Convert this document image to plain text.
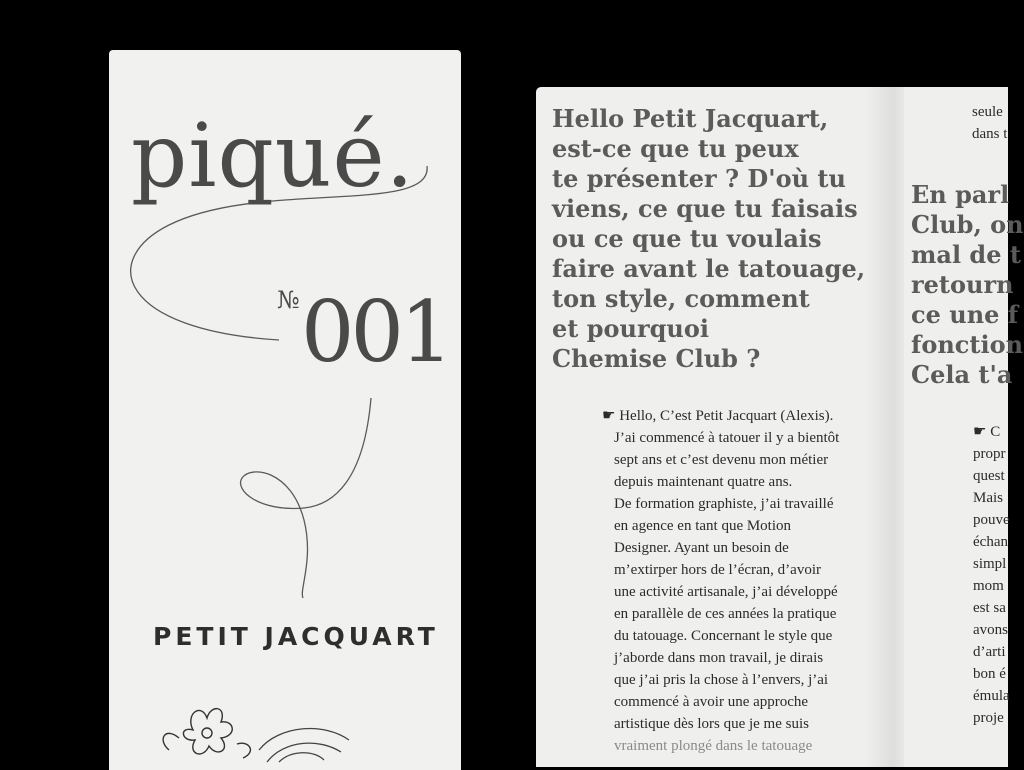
piqué.
№ 001
PETIT JACQUART
Hello Petit Jacquart,
est-ce que tu peux
te présenter ? D'où tu
viens, ce que tu faisais
ou ce que tu voulais
faire avant le tatouage,
ton style, comment
et pourquoi
Chemise Club ?
☛ Hello, C’est Petit Jacquart (Alexis).
J’ai commencé à tatouer il y a bientôt
sept ans et c’est devenu mon métier
depuis maintenant quatre ans.
De formation graphiste, j’ai travaillé
en agence en tant que Motion
Designer. Ayant un besoin de
m’extirper hors de l’écran, d’avoir
une activité artisanale, j’ai développé
en parallèle de ces années la pratique
du tatouage. Concernant le style que
j’aborde dans mon travail, je dirais
que j’ai pris la chose à l’envers, j’ai
commencé à avoir une approche
artistique dès lors que je me suis
vraiment plongé dans le tatouage
seule
dans t
En parl
Club, on
mal de t
retourn
ce une f
fonction
Cela t'a
☛ C
propr
quest
Mais
pouve
échan
simpl
mom
est sa
avons
d’arti
bon é
émula
proje
